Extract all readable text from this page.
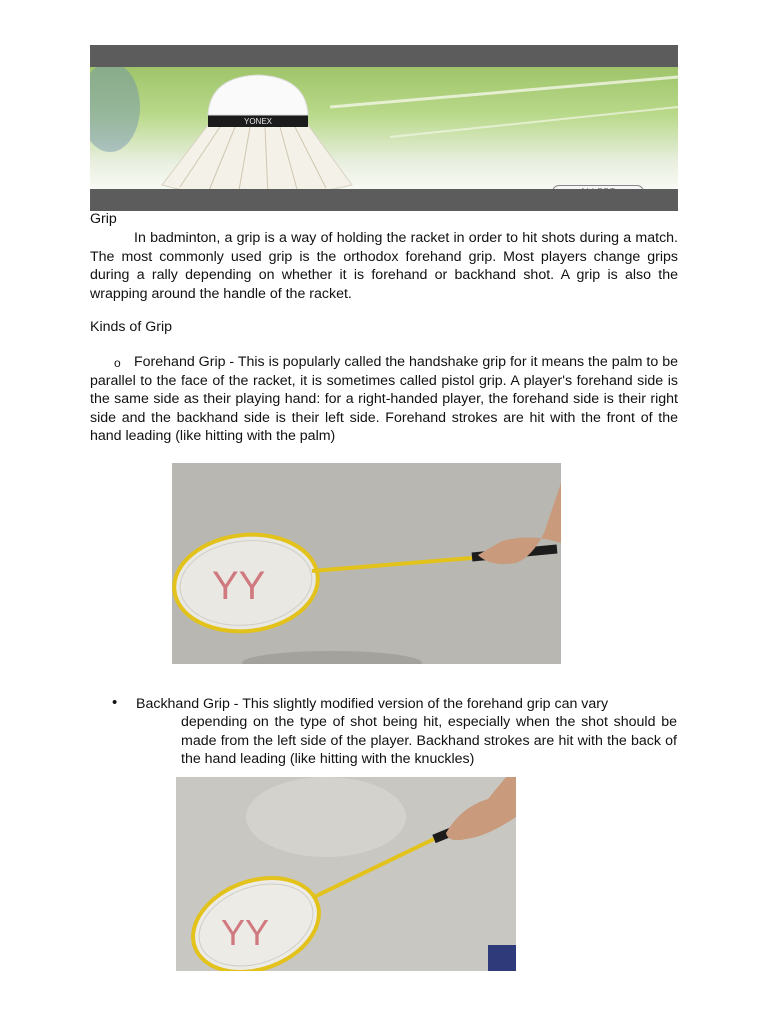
YONEX

Grip

In badminton, a grip is a way of holding the racket in order to hit shots during a match. The most commonly used grip is the orthodox forehand grip. Most players change grips during a rally depending on whether it is forehand or backhand shot. A grip is also the wrapping around the handle of the racket.

Kinds of Grip

o Forehand Grip - This is popularly called the handshake grip for it means the palm to be parallel to the face of the racket, it is sometimes called pistol grip. A player's forehand side is the same side as their playing hand: for a right-handed player, the forehand side is their right side and the backhand side is their left side. Forehand strokes are hit with the front of the hand leading (like hitting with the palm)

YY
• Backhand Grip - This slightly modified version of the forehand grip can vary

depending on the type of shot being hit, especially when the shot should be made from the left side of the player. Backhand strokes are hit with the back of the hand leading (like hitting with the knuckles)

YY
